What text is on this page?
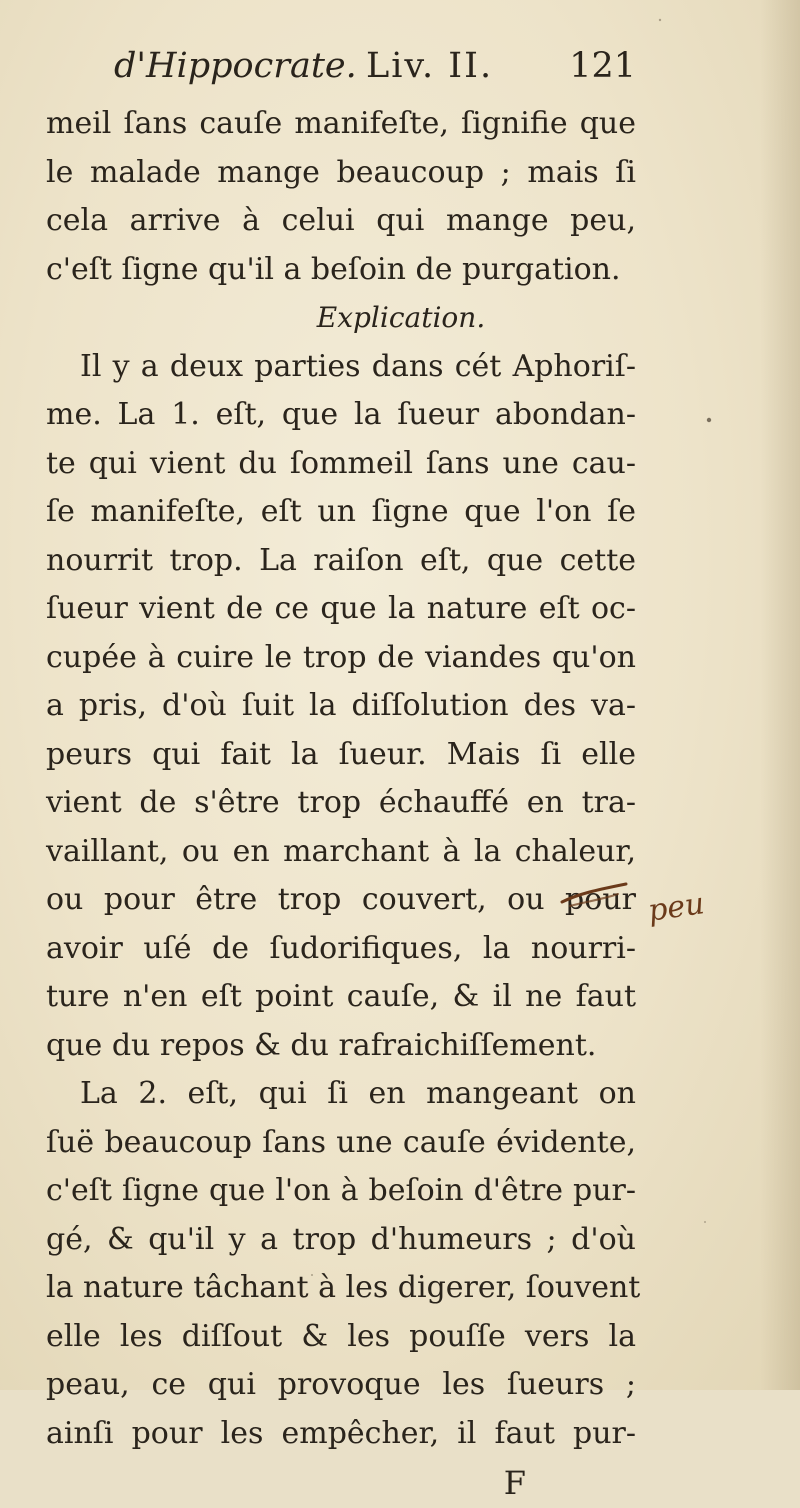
d'Hippocrate. Liv. II. 121
meil ſans cauſe manifeſte, ſignifie que
le malade mange beaucoup ; mais ſi
cela arrive à celui qui mange peu,
c'eſt ſigne qu'il a beſoin de purgation.
Explication.
Il y a deux parties dans cét Aphoriſ-
me. La 1. eſt, que la ſueur abondan-
te qui vient du ſommeil ſans une cau-
ſe manifeſte, eſt un ſigne que l'on ſe
nourrit trop. La raiſon eſt, que cette
ſueur vient de ce que la nature eſt oc-
cupée à cuire le trop de viandes qu'on
a pris, d'où ſuit la diſſolution des va-
peurs qui fait la ſueur. Mais ſi elle
vient de s'être trop échauffé en tra-
vaillant, ou en marchant à la chaleur,
ou pour être trop couvert, ou pour
avoir uſé de ſudorifiques, la nourri-
ture n'en eſt point cauſe, & il ne faut
que du repos & du rafraichiſſement.
La 2. eſt, qui ſi en mangeant on
ſuë beaucoup ſans une cauſe évidente,
c'eſt ſigne que l'on à beſoin d'être pur-
gé, & qu'il y a trop d'humeurs ; d'où
la nature tâchant à les digerer, ſouvent
elle les diſſout & les pouſſe vers la
peau, ce qui provoque les ſueurs ;
ainſi pour les empêcher, il faut pur-
F
peu
